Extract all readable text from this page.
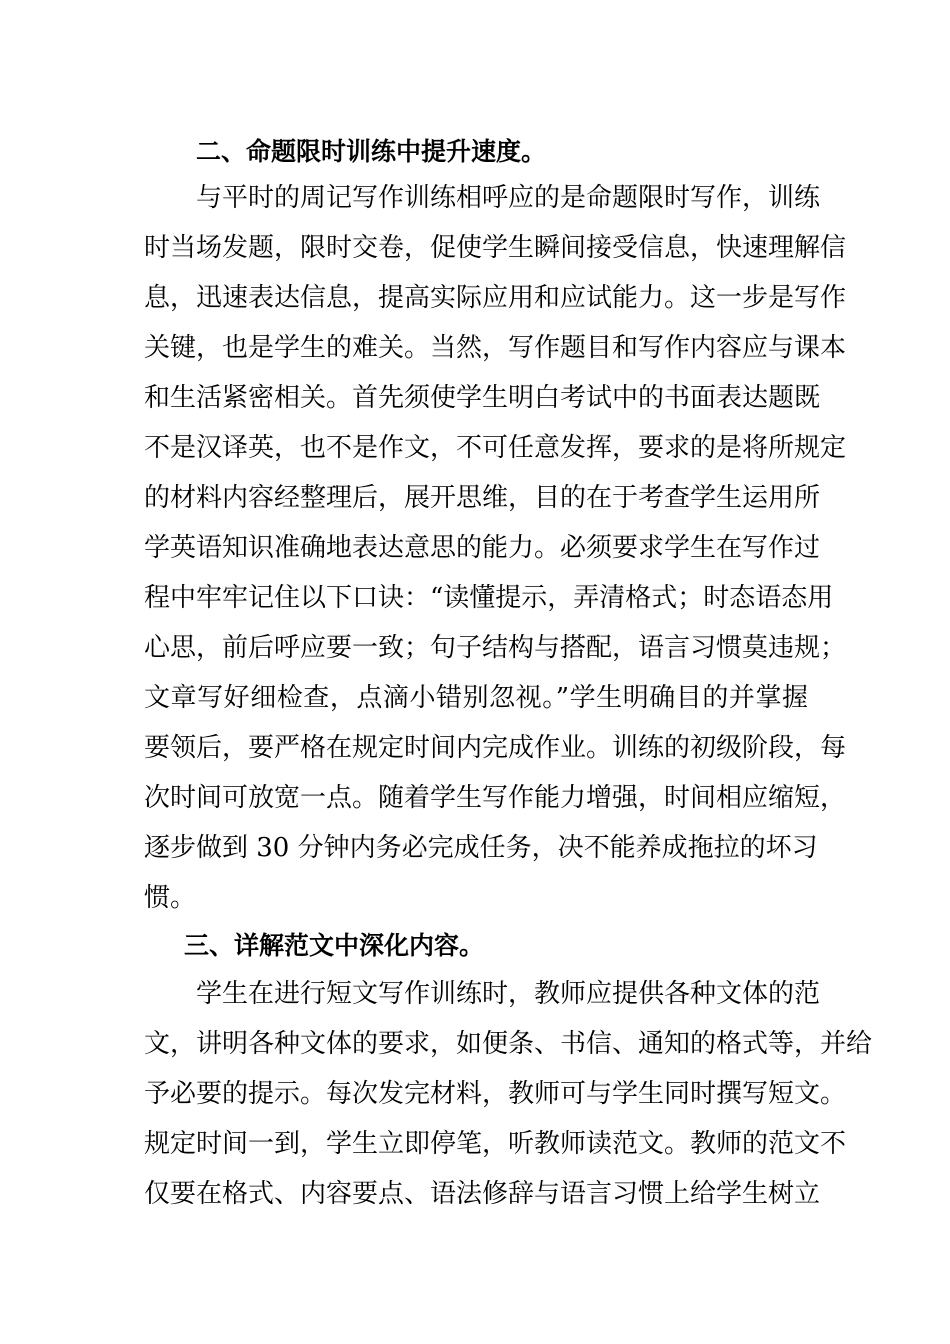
二、命题限时训练中提升速度。
与平时的周记写作训练相呼应的是命题限时写作，训练
时当场发题，限时交卷，促使学生瞬间接受信息，快速理解信
息，迅速表达信息，提高实际应用和应试能力。这一步是写作
关键，也是学生的难关。当然，写作题目和写作内容应与课本
和生活紧密相关。首先须使学生明白考试中的书面表达题既
不是汉译英，也不是作文，不可任意发挥，要求的是将所规定
的材料内容经整理后，展开思维，目的在于考查学生运用所
学英语知识准确地表达意思的能力。必须要求学生在写作过
程中牢牢记住以下口诀：“读懂提示，弄清格式；时态语态用
心思，前后呼应要一致；句子结构与搭配，语言习惯莫违规；
文章写好细检查，点滴小错别忽视。”学生明确目的并掌握
要领后，要严格在规定时间内完成作业。训练的初级阶段，每
次时间可放宽一点。随着学生写作能力增强，时间相应缩短，
逐步做到 30 分钟内务必完成任务，决不能养成拖拉的坏习
惯。
三、详解范文中深化内容。
学生在进行短文写作训练时，教师应提供各种文体的范
文，讲明各种文体的要求，如便条、书信、通知的格式等，并给
予必要的提示。每次发完材料，教师可与学生同时撰写短文。
规定时间一到，学生立即停笔，听教师读范文。教师的范文不
仅要在格式、内容要点、语法修辞与语言习惯上给学生树立
